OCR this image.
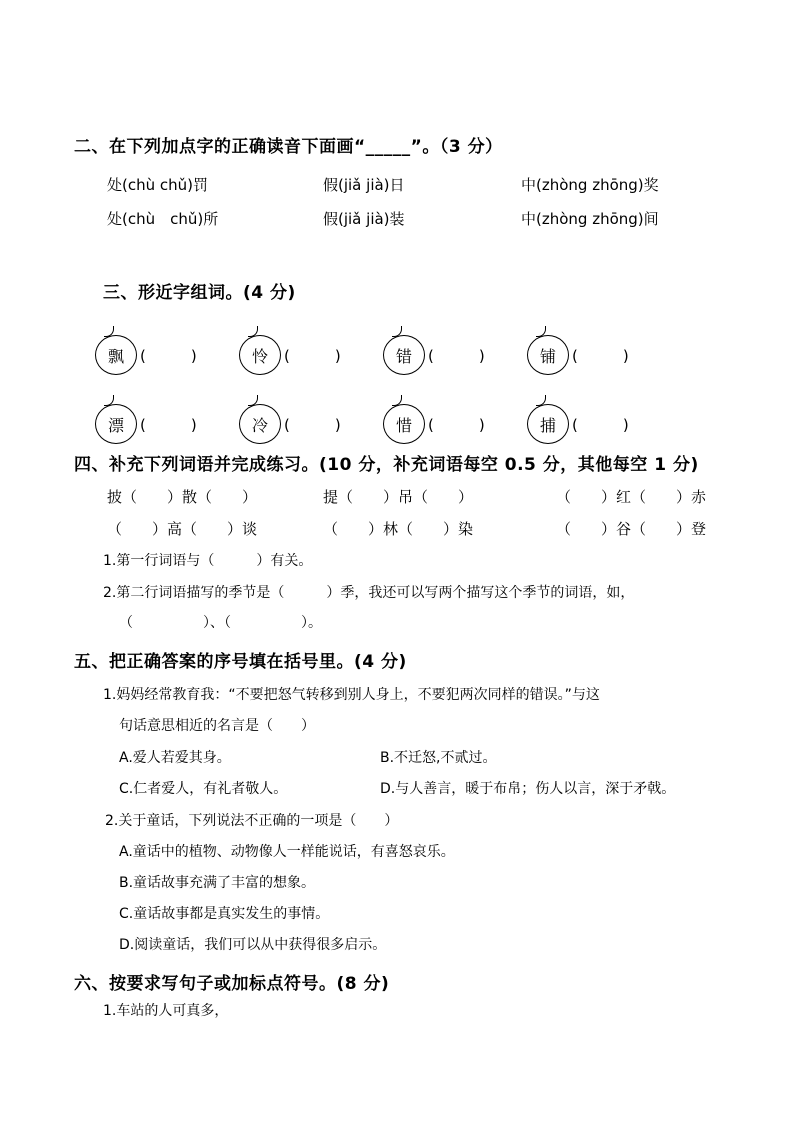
二、在下列加点字的正确读音下面画“_____”。（3 分）
处(chù chǔ)罚	假(jiǎ jià)日	中(zhòng zhōng)奖
处(chù　chǔ)所	假(jiǎ jià)装	中(zhòng zhōng)间
三、形近字组词。(4 分)
飘	(　　　)	怜	(　　　)	错	(　　　)	铺	(　　　)
漂	(　　　)	冷	(　　　)	惜	(　　　)	捕	(　　　)
四、补充下列词语并完成练习。(10 分，补充词语每空 0.5 分，其他每空 1 分)
披（　　）散（　　）	提（　　）吊（　　）	（　　）红（　　）赤
（　　）高（　　）谈	（　　）林（　　）染	（　　）谷（　　）登
1.第一行词语与（　　　）有关。
2.第二行词语描写的季节是（　　　）季，我还可以写两个描写这个季节的词语，如，
（　　　　　）、（　　　　　）。
五、把正确答案的序号填在括号里。(4 分)
1.妈妈经常教育我：“不要把怒气转移到别人身上，不要犯两次同样的错误。”与这
句话意思相近的名言是（　　）
A.爱人若爱其身。	B.不迁怒,不贰过。
C.仁者爱人，有礼者敬人。	D.与人善言，暖于布帛；伤人以言，深于矛戟。
2.关于童话，下列说法不正确的一项是（　　）
A.童话中的植物、动物像人一样能说话，有喜怒哀乐。
B.童话故事充满了丰富的想象。
C.童话故事都是真实发生的事情。
D.阅读童话，我们可以从中获得很多启示。
六、按要求写句子或加标点符号。(8 分)
1.车站的人可真多，
